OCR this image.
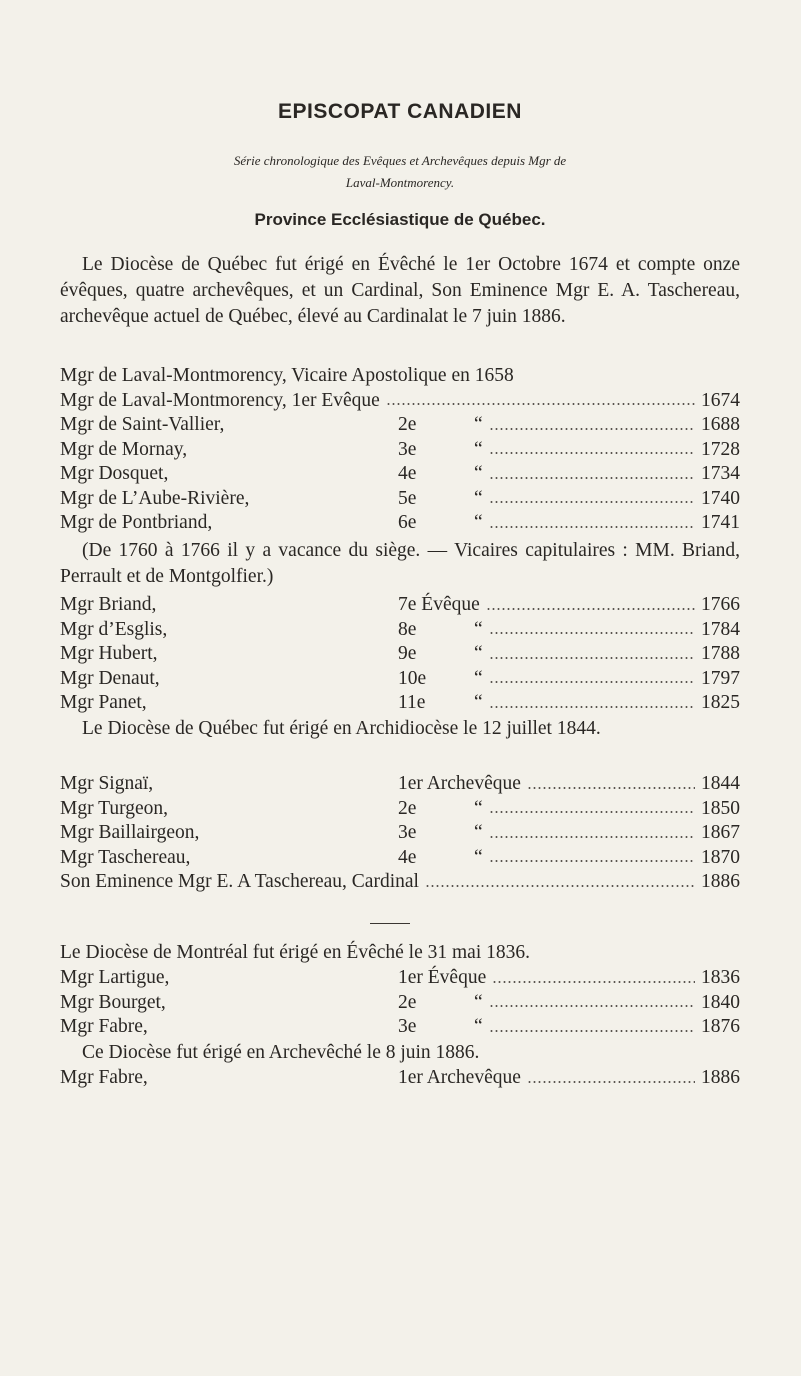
EPISCOPAT CANADIEN
Série chronologique des Evêques et Archevêques depuis Mgr de
Laval-Montmorency.
Province Ecclésiastique de Québec.
Le Diocèse de Québec fut érigé en Évêché le 1er Octobre 1674 et compte onze évêques, quatre archevêques, et un Cardinal, Son Eminence Mgr E. A. Taschereau, archevêque actuel de Québec, élevé au Cardinalat le 7 juin 1886.
Mgr de Laval-Montmorency, Vicaire Apostolique en 1658
Mgr de Laval-Montmorency, 1er Evêque	1674
Mgr de Saint-Vallier,	2e	“	1688
Mgr de Mornay,	3e	“	1728
Mgr Dosquet,	4e	“	1734
Mgr de L’Aube-Rivière,	5e	“	1740
Mgr de Pontbriand,	6e	“	1741
(De 1760 à 1766 il y a vacance du siège. — Vicaires capitulaires : MM. Briand, Perrault et de Montgolfier.)
Mgr Briand,	7e Évêque	1766
Mgr d’Esglis,	8e	“	1784
Mgr Hubert,	9e	“	1788
Mgr Denaut,	10e “	1797
Mgr Panet,	11e “	1825
Le Diocèse de Québec fut érigé en Archidiocèse le 12 juillet 1844.
Mgr Signaï,	1er Archevêque	1844
Mgr Turgeon,	2e	“	1850
Mgr Baillairgeon,	3e	“	1867
Mgr Taschereau,	4e	“	1870
Son Eminence Mgr E. A Taschereau, Cardinal	1886
Le Diocèse de Montréal fut érigé en Évêché le 31 mai 1836.
Mgr Lartigue,	1er Évêque	1836
Mgr Bourget,	2e	“	1840
Mgr Fabre,	3e	“	1876
Ce Diocèse fut érigé en Archevêché le 8 juin 1886.
Mgr Fabre,	1er Archevêque	1886
